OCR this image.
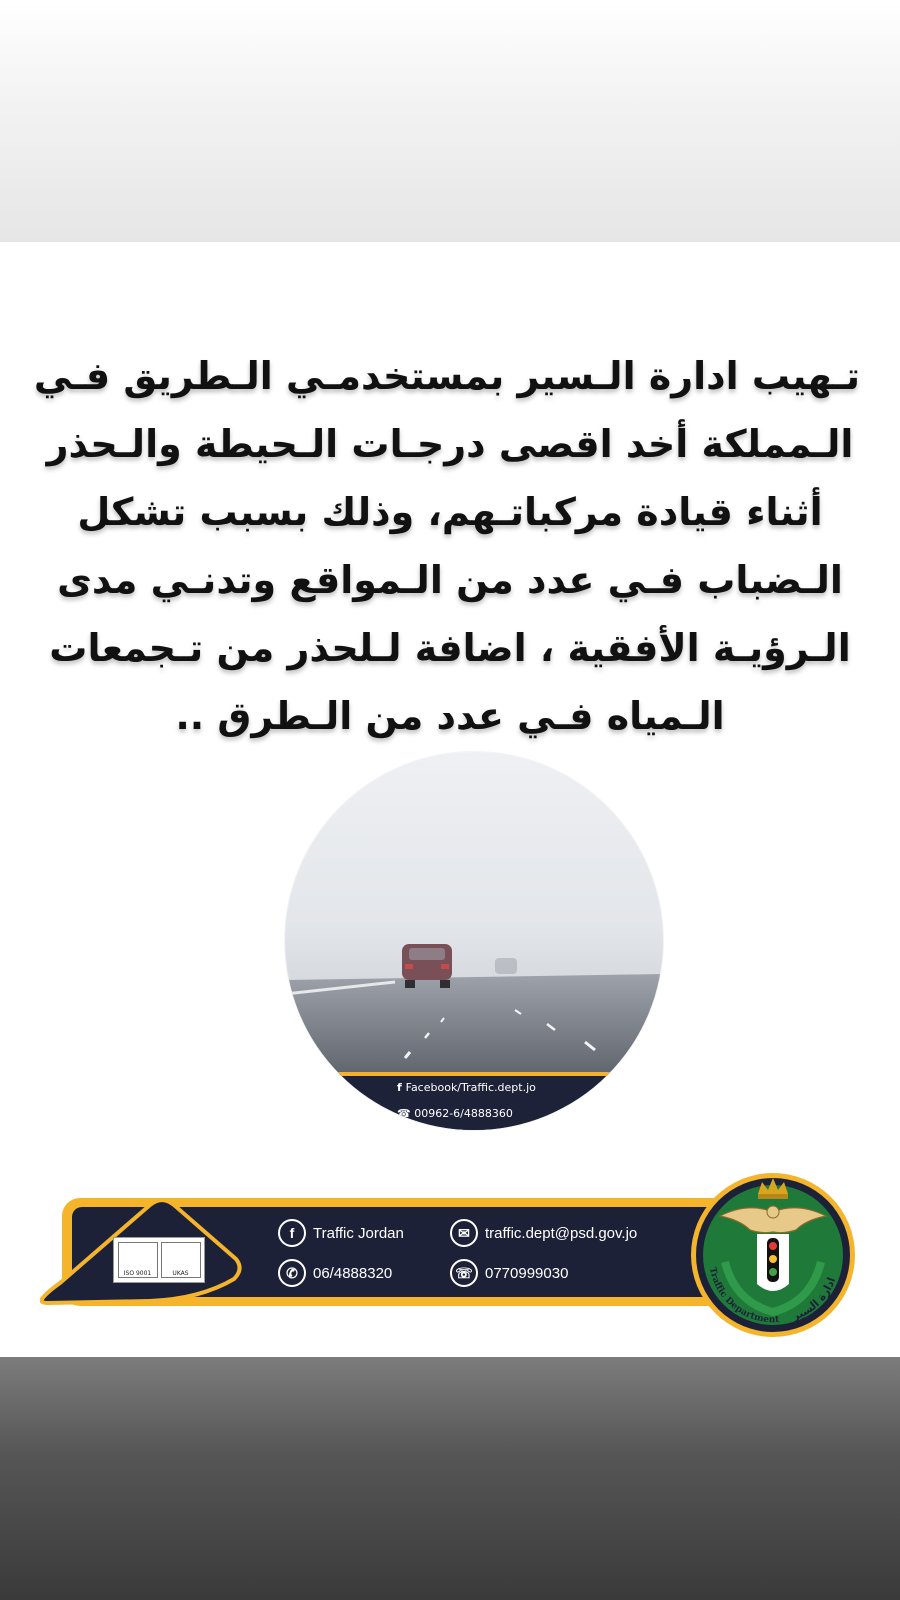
تـهيب ادارة الـسير بمستخدمـي الـطريق فـي
الـمملكة أخد اقصى درجـات الـحيطة والـحذر
أثناء قيادة مركباتـهم، وذلك بسبب تشكل
الـضباب فـي عدد من الـمواقع وتدنـي مدى
الـرؤيـة الأفقية ، اضافة لـلحذر من تـجمعات
الـمياه فـي عدد من الـطرق ..
jo	f Facebook/Traffic.dept.jo
☎ 00962-6/4888360
ISO 9001	UKAS
f	Traffic Jordan	✉	traffic.dept@psd.gov.jo
✆	06/4888320	☏ 0770999030	Traffic Department ادارة السير
